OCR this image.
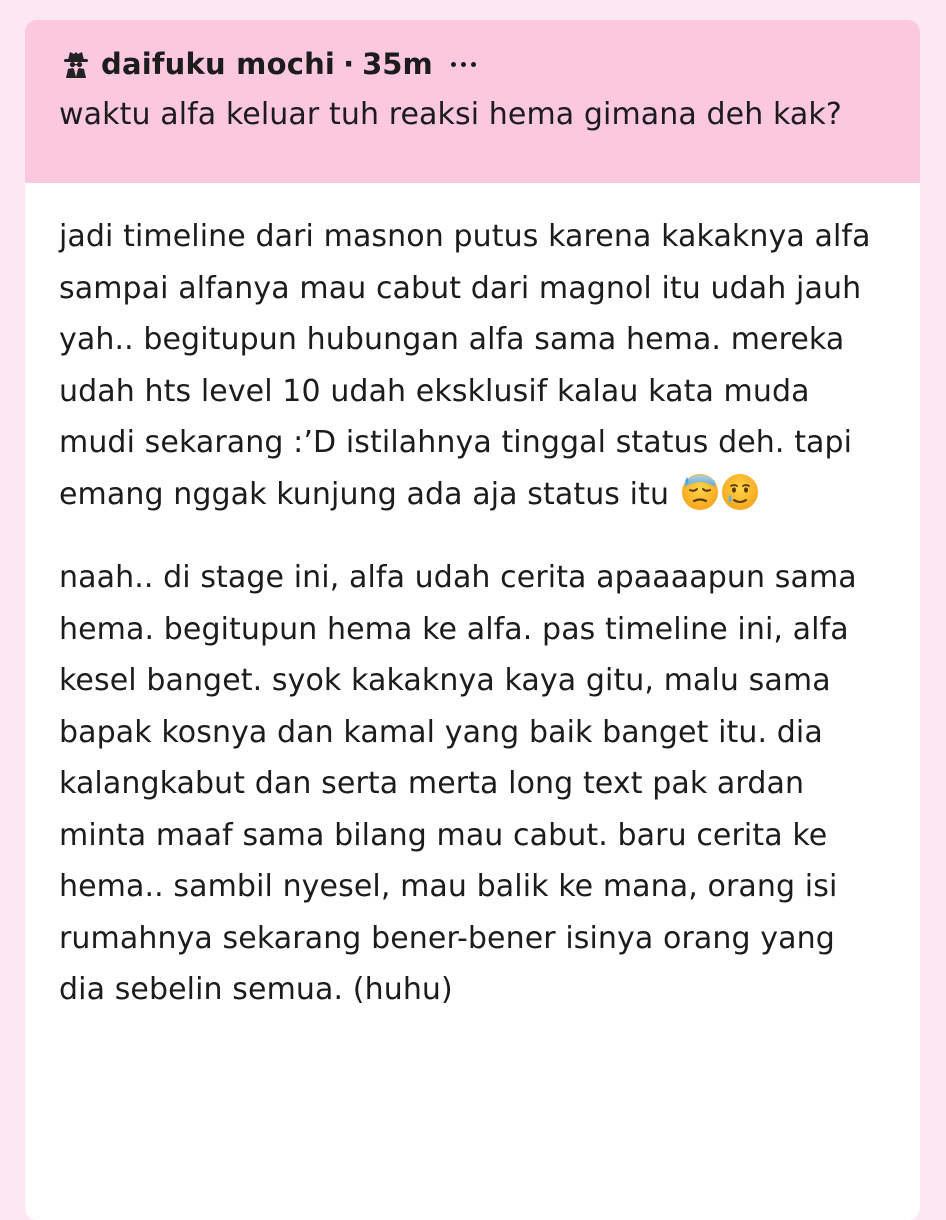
daifuku mochi · 35m
waktu alfa keluar tuh reaksi hema gimana deh kak?

jadi timeline dari masnon putus karena kakaknya alfa sampai alfanya mau cabut dari magnol itu udah jauh yah.. begitupun hubungan alfa sama hema. mereka udah hts level 10 udah eksklusif kalau kata muda mudi sekarang :’D istilahnya tinggal status deh. tapi emang nggak kunjung ada aja status itu

naah.. di stage ini, alfa udah cerita apaaaapun sama hema. begitupun hema ke alfa. pas timeline ini, alfa kesel banget. syok kakaknya kaya gitu, malu sama bapak kosnya dan kamal yang baik banget itu. dia kalangkabut dan serta merta long text pak ardan minta maaf sama bilang mau cabut. baru cerita ke hema.. sambil nyesel, mau balik ke mana, orang isi rumahnya sekarang bener-bener isinya orang yang dia sebelin semua. (huhu)
